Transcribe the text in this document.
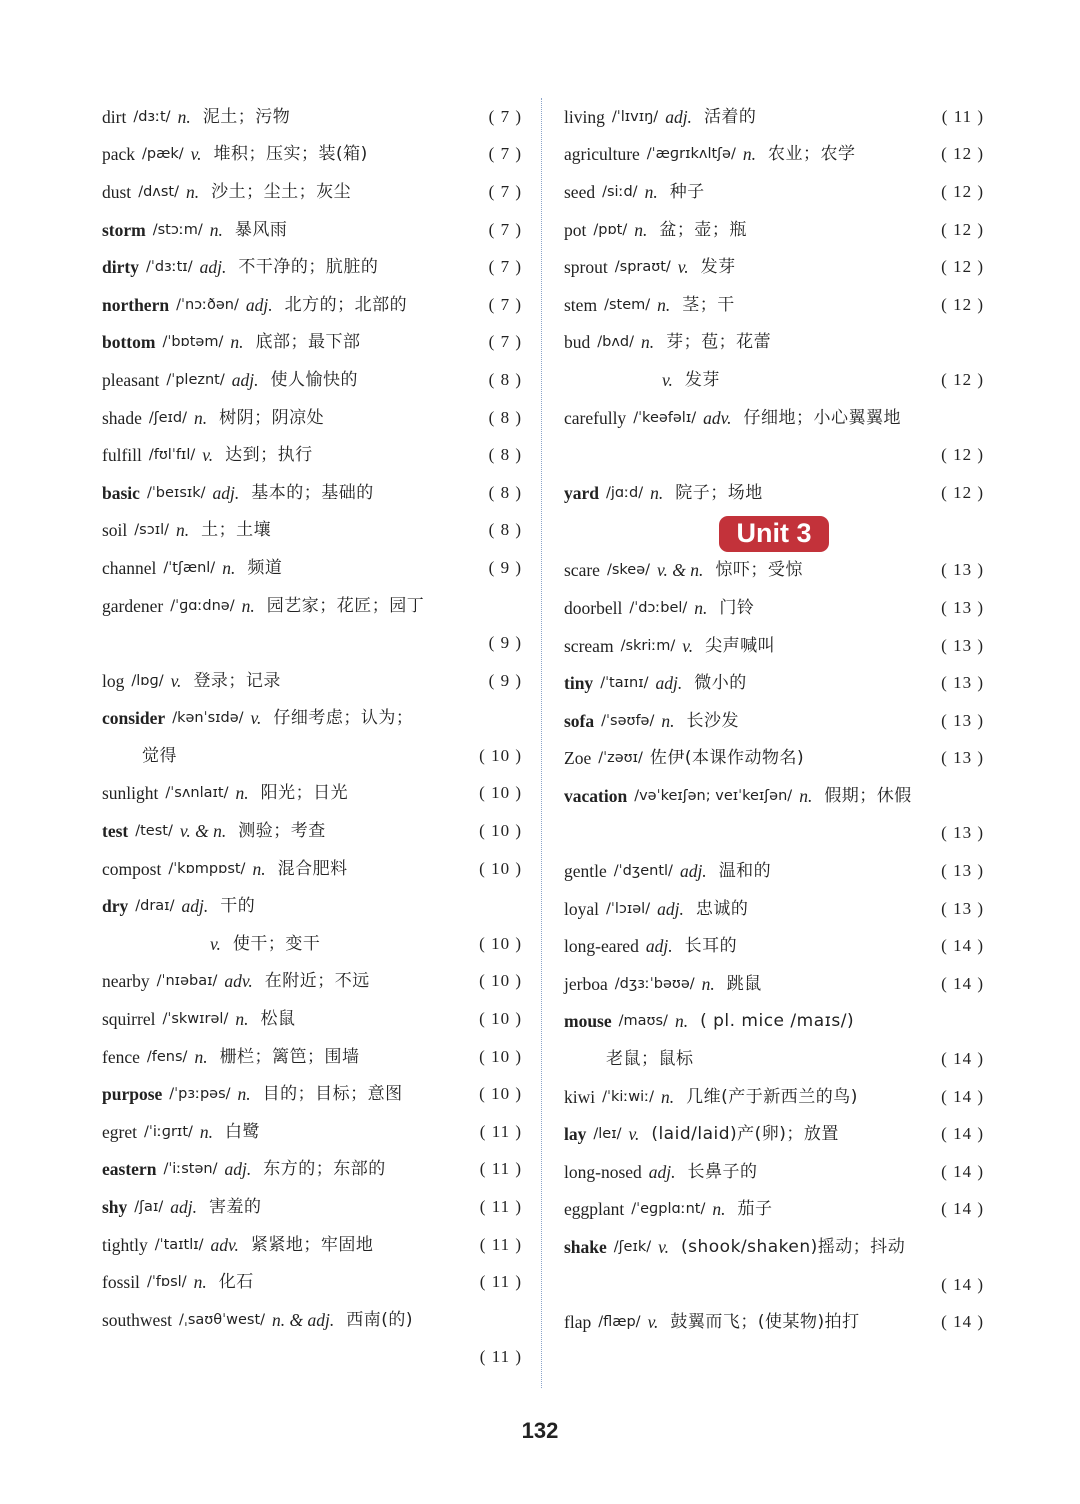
dirt /dɜːt/ n. 泥土；污物	( 7 )
pack /pæk/ v. 堆积；压实；装(箱)	( 7 )
dust /dʌst/ n. 沙土；尘土；灰尘	( 7 )
storm /stɔːm/ n. 暴风雨	( 7 )
dirty /ˈdɜːtɪ/ adj. 不干净的；肮脏的	( 7 )
northern /ˈnɔːðən/ adj. 北方的；北部的	( 7 )
bottom /ˈbɒtəm/ n. 底部；最下部	( 7 )
pleasant /ˈpleznt/ adj. 使人愉快的	( 8 )
shade /ʃeɪd/ n. 树阴；阴凉处	( 8 )
fulfill /fʊlˈfɪl/ v. 达到；执行	( 8 )
basic /ˈbeɪsɪk/ adj. 基本的；基础的	( 8 )
soil /sɔɪl/ n. 土；土壤	( 8 )
channel /ˈtʃænl/ n. 频道	( 9 )
gardener /ˈɡɑːdnə/ n. 园艺家；花匠；园丁
( 9 )
log /lɒɡ/ v. 登录；记录	( 9 )
consider /kənˈsɪdə/ v. 仔细考虑；认为；
觉得	( 10 )
sunlight /ˈsʌnlaɪt/ n. 阳光；日光	( 10 )
test /test/ v. & n. 测验；考查	( 10 )
compost /ˈkɒmpɒst/ n. 混合肥料	( 10 )
dry /draɪ/ adj. 干的
v. 使干；变干	( 10 )
nearby /ˈnɪəbaɪ/ adv. 在附近；不远	( 10 )
squirrel /ˈskwɪrəl/ n. 松鼠	( 10 )
fence /fens/ n. 栅栏；篱笆；围墙	( 10 )
purpose /ˈpɜːpəs/ n. 目的；目标；意图	( 10 )
egret /ˈiːɡrɪt/ n. 白鹭	( 11 )
eastern /ˈiːstən/ adj. 东方的；东部的	( 11 )
shy /ʃaɪ/ adj. 害羞的	( 11 )
tightly /ˈtaɪtlɪ/ adv. 紧紧地；牢固地	( 11 )
fossil /ˈfɒsl/ n. 化石	( 11 )
southwest /ˌsaʊθˈwest/ n. & adj. 西南(的)
( 11 )
living /ˈlɪvɪŋ/ adj. 活着的	( 11 )
agriculture /ˈæɡrɪkʌltʃə/ n. 农业；农学	( 12 )
seed /siːd/ n. 种子	( 12 )
pot /pɒt/ n. 盆；壶；瓶	( 12 )
sprout /spraʊt/ v. 发芽	( 12 )
stem /stem/ n. 茎；干	( 12 )
bud /bʌd/ n. 芽；苞；花蕾
v. 发芽	( 12 )
carefully /ˈkeəfəlɪ/ adv. 仔细地；小心翼翼地
( 12 )
yard /jɑːd/ n. 院子；场地	( 12 )
Unit 3
scare /skeə/ v. & n. 惊吓；受惊	( 13 )
doorbell /ˈdɔːbel/ n. 门铃	( 13 )
scream /skriːm/ v. 尖声喊叫	( 13 )
tiny /ˈtaɪnɪ/ adj. 微小的	( 13 )
sofa /ˈsəʊfə/ n. 长沙发	( 13 )
Zoe /ˈzəʊɪ/ 佐伊(本课作动物名)	( 13 )
vacation /vəˈkeɪʃən; veɪˈkeɪʃən/ n. 假期；休假
( 13 )
gentle /ˈdʒentl/ adj. 温和的	( 13 )
loyal /ˈlɔɪəl/ adj. 忠诚的	( 13 )
long-eared adj. 长耳的	( 14 )
jerboa /dʒɜːˈbəʊə/ n. 跳鼠	( 14 )
mouse /maʊs/ n. ( pl. mice /maɪs/)
老鼠；鼠标	( 14 )
kiwi /ˈkiːwiː/ n. 几维(产于新西兰的鸟)	( 14 )
lay /leɪ/ v. (laid/laid)产(卵)；放置	( 14 )
long-nosed adj. 长鼻子的	( 14 )
eggplant /ˈeɡplɑːnt/ n. 茄子	( 14 )
shake /ʃeɪk/ v. (shook/shaken)摇动；抖动
( 14 )
flap /flæp/ v. 鼓翼而飞；(使某物)拍打	( 14 )
132
